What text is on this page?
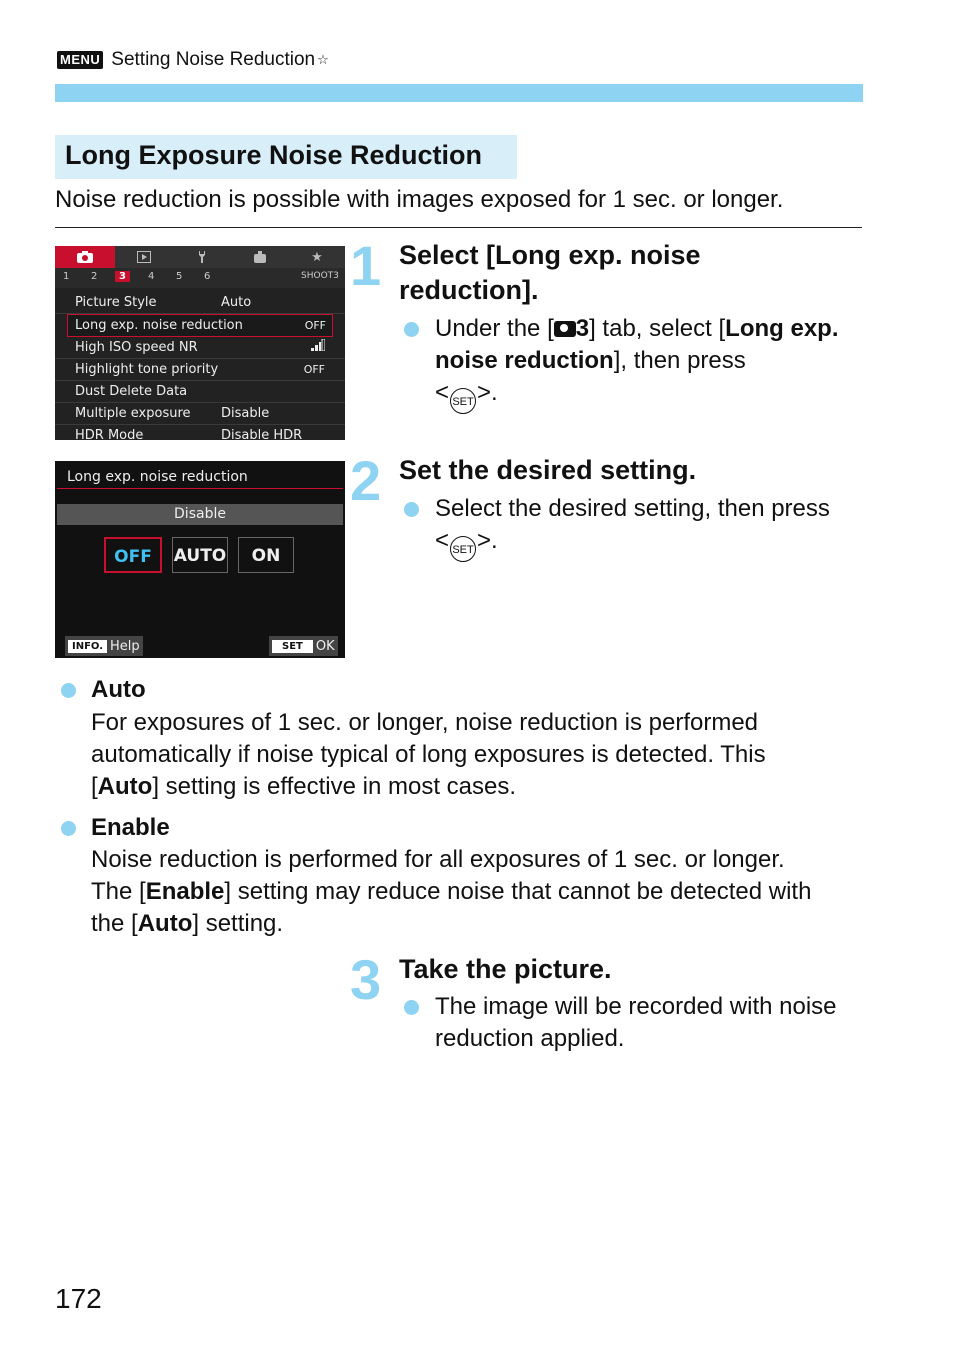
MENU Setting Noise Reduction ☆
Long Exposure Noise Reduction
Noise reduction is possible with images exposed for 1 sec. or longer.
★
1 2	3	4 5 6	SHOOT3
Picture Style	Auto
Long exp. noise reduction	OFF
High ISO speed NR
Highlight tone priority	OFF
Dust Delete Data
Multiple exposure Disable
HDR Mode	Disable HDR
Long exp. noise reduction
Disable
OFF	AUTO	ON
INFO. Help	SET	OK
1 Select [Long exp. noise reduction].
Under the [ 3] tab, select [Long exp. noise reduction], then press
< SET >.
2 Set the desired setting.
Select the desired setting, then press
< SET >.
Auto
For exposures of 1 sec. or longer, noise reduction is performed
automatically if noise typical of long exposures is detected. This
[Auto] setting is effective in most cases.
Enable
Noise reduction is performed for all exposures of 1 sec. or longer.
The [Enable] setting may reduce noise that cannot be detected with
the [Auto] setting.
3 Take the picture.
The image will be recorded with noise
reduction applied.
172
